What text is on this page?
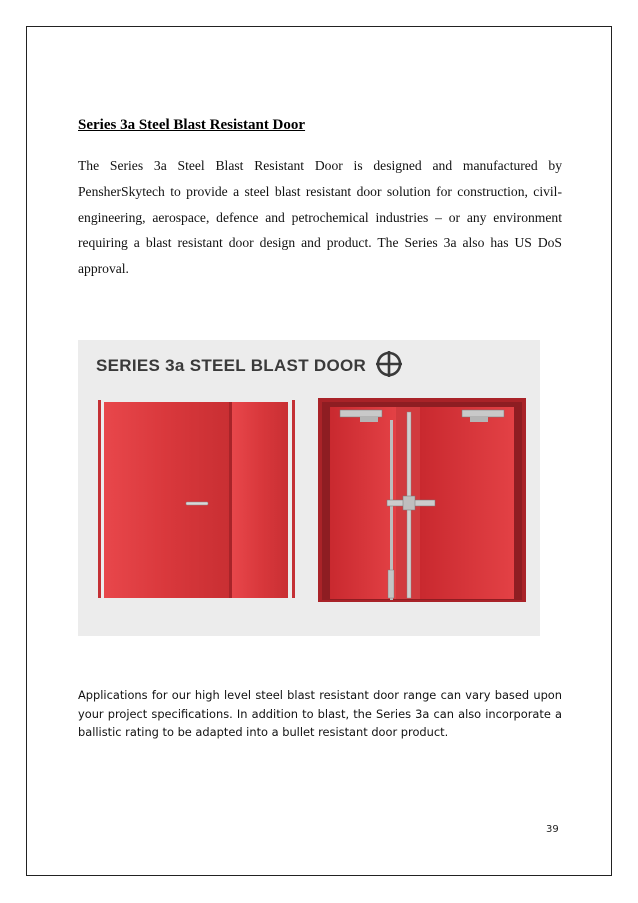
Series 3a Steel Blast Resistant Door
The Series 3a Steel Blast Resistant Door is designed and manufactured by PensherSkytech to provide a steel blast resistant door solution for construction, civil-engineering, aerospace, defence and petrochemical industries – or any environment requiring a blast resistant door design and product. The Series 3a also has US DoS approval.
SERIES 3a STEEL BLAST DOOR
Applications for our high level steel blast resistant door range can vary based upon your project specifications. In addition to blast, the Series 3a can also incorporate a ballistic rating to be adapted into a bullet resistant door product.
39
